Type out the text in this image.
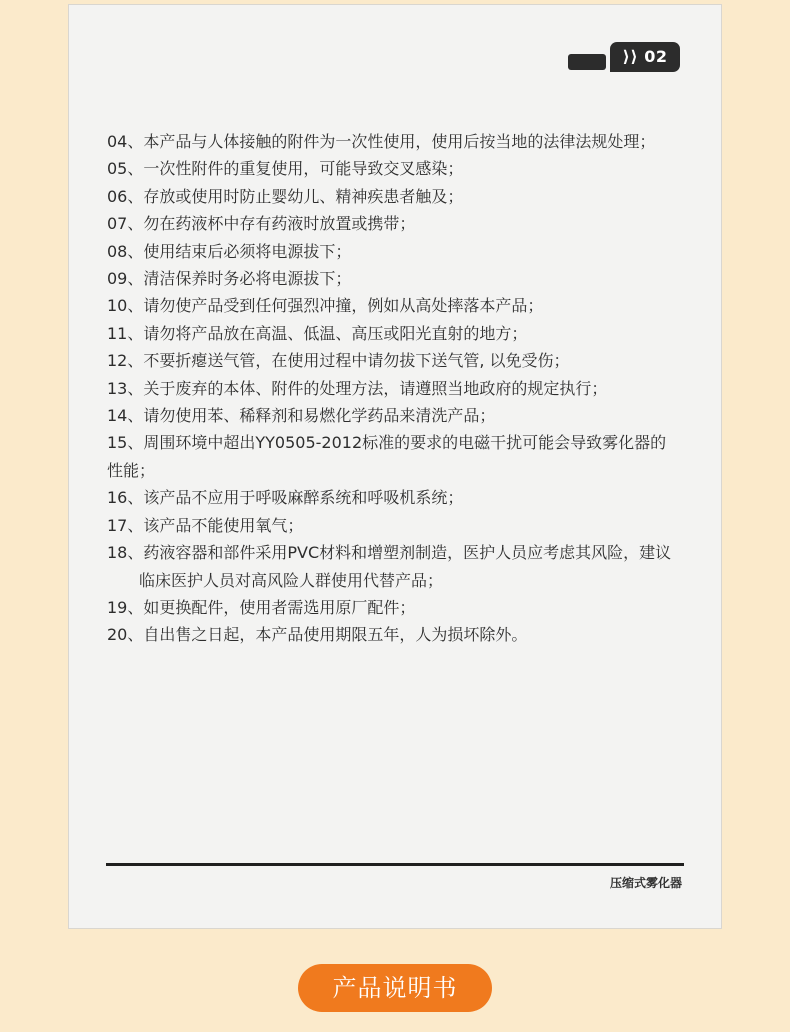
⟩⟩ 02
04、本产品与人体接触的附件为一次性使用，使用后按当地的法律法规处理；
05、一次性附件的重复使用，可能导致交叉感染；
06、存放或使用时防止婴幼儿、精神疾患者触及；
07、勿在药液杯中存有药液时放置或携带；
08、使用结束后必须将电源拔下；
09、清洁保养时务必将电源拔下；
10、请勿使产品受到任何强烈冲撞，例如从高处摔落本产品；
11、请勿将产品放在高温、低温、高压或阳光直射的地方；
12、不要折瘪送气管，在使用过程中请勿拔下送气管, 以免受伤；
13、关于废弃的本体、附件的处理方法，请遵照当地政府的规定执行；
14、请勿使用苯、稀释剂和易燃化学药品来清洗产品；
15、周围环境中超出YY0505-2012标准的要求的电磁干扰可能会导致雾化器的性能；
16、该产品不应用于呼吸麻醉系统和呼吸机系统；
17、该产品不能使用氧气；
18、药液容器和部件采用PVC材料和增塑剂制造，医护人员应考虑其风险，建议临床医护人员对高风险人群使用代替产品；
19、如更换配件，使用者需选用原厂配件；
20、自出售之日起，本产品使用期限五年，人为损坏除外。
压缩式雾化器
产品说明书
